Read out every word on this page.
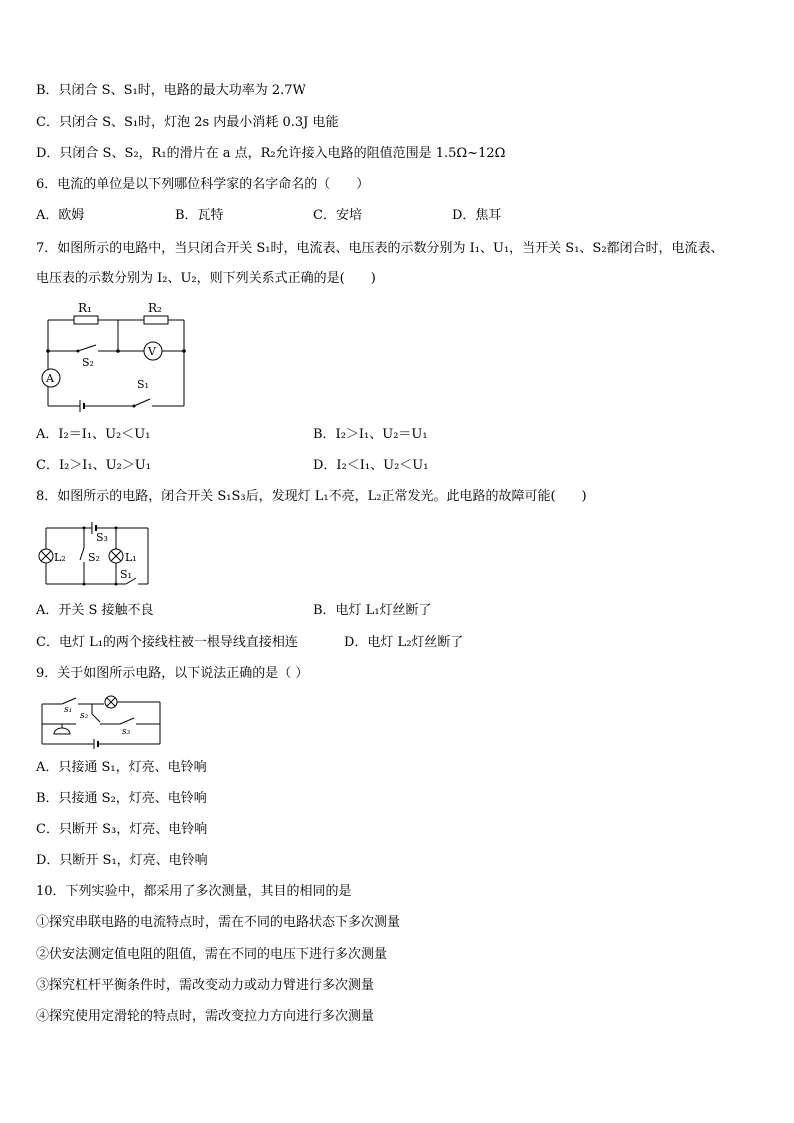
B．只闭合 S、S₁时，电路的最大功率为 2.7W
C．只闭合 S、S₁时，灯泡 2s 内最小消耗 0.3J 电能
D．只闭合 S、S₂，R₁的滑片在 a 点，R₂允许接入电路的阻值范围是 1.5Ω~12Ω
6．电流的单位是以下列哪位科学家的名字命名的（　　）
A．欧姆	B．瓦特	C．安培	D．焦耳
7．如图所示的电路中，当只闭合开关 S₁时，电流表、电压表的示数分别为 I₁、U₁，当开关 S₁、S₂都闭合时，电流表、
电压表的示数分别为 I₂、U₂，则下列关系式正确的是(　　)
R₁	R₂
S₂
S₁
A
V
A．I₂＝I₁、U₂＜U₁	B．I₂＞I₁、U₂＝U₁
C．I₂＞I₁、U₂＞U₁	D．I₂＜I₁、U₂＜U₁
8．如图所示的电路，闭合开关 S₁S₃后，发现灯 L₁不亮，L₂正常发光。此电路的故障可能(　　)
S₃
L₂ S₂ L₁
S₁
A．开关 S 接触不良	B．电灯 L₁灯丝断了
C．电灯 L₁的两个接线柱被一根导线直接相连	D．电灯 L₂灯丝断了
9．关于如图所示电路，以下说法正确的是（ ）
s₁
s₂
s₃
A．只接通 S₁，灯亮、电铃响
B．只接通 S₂，灯亮、电铃响
C．只断开 S₃，灯亮、电铃响
D．只断开 S₁，灯亮、电铃响
10．下列实验中，都采用了多次测量，其目的相同的是
①探究串联电路的电流特点时，需在不同的电路状态下多次测量
②伏安法测定值电阻的阻值，需在不同的电压下进行多次测量
③探究杠杆平衡条件时，需改变动力或动力臂进行多次测量
④探究使用定滑轮的特点时，需改变拉力方向进行多次测量
